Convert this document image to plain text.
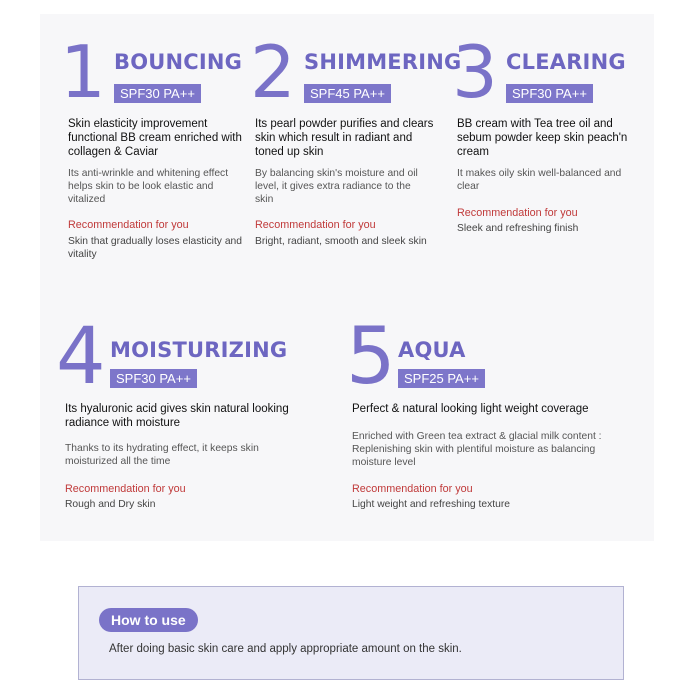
1 BOUNCING
SPF30 PA++
Skin elasticity improvement functional BB cream enriched with collagen & Caviar
Its anti-wrinkle and whitening effect helps skin to be look elastic and vitalized
Recommendation for you
Skin that gradually loses elasticity and vitality
2 SHIMMERING
SPF45 PA++
Its pearl powder purifies and clears skin which result in radiant and toned up skin
By balancing skin's moisture and oil level, it gives extra radiance to the skin
Recommendation for you
Bright, radiant, smooth and sleek skin
3 CLEARING
SPF30 PA++
BB cream with Tea tree oil and sebum powder keep skin peach'n cream
It makes oily skin well-balanced and clear
Recommendation for you
Sleek and refreshing finish
4 MOISTURIZING
SPF30 PA++
Its hyaluronic acid gives skin natural looking radiance with moisture
Thanks to its hydrating effect, it keeps skin moisturized all the time
Recommendation for you
Rough and Dry skin
5 AQUA
SPF25 PA++
Perfect & natural looking light weight coverage
Enriched with Green tea extract & glacial milk content : Replenishing skin with plentiful moisture as balancing moisture level
Recommendation for you
Light weight and refreshing texture
How to use
After doing basic skin care and apply appropriate amount on the skin.
